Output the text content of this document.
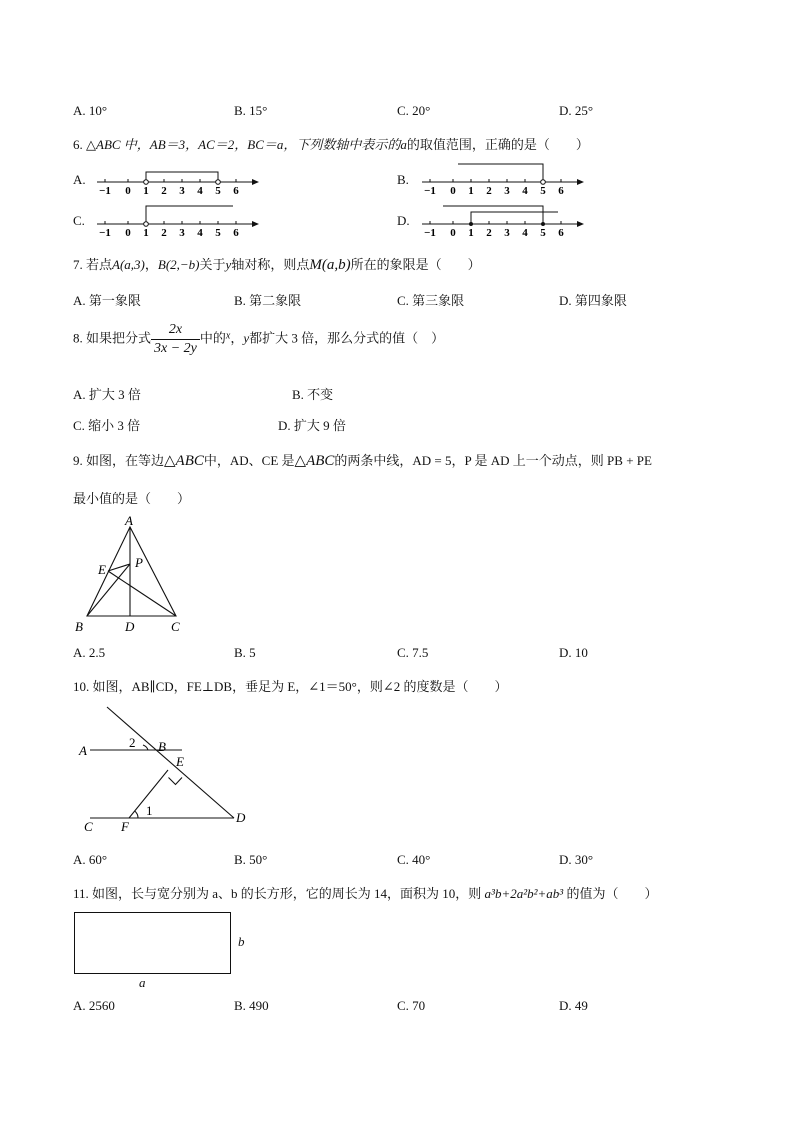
A. 10°	B. 15°	C. 20°	D. 25°
6. △ABC 中，AB＝3，AC＝2，BC＝a，下列数轴中表示的a的取值范围，正确的是（　　）
A.	B.
C.	D.
−1 0 1 2 3 4 5 6	−1 0 1 2 3 4 5 6
−1 0 1 2 3 4 5 6	−1 0 1 2 3 4 5 6
7. 若点A(a,3)，B(2,−b)关于y轴对称，则点M(a,b)所在的象限是（　　）
A. 第一象限	B. 第二象限	C. 第三象限	D. 第四象限
8. 如果把分式 $\frac{2x}{3x - 2y}$ 中的$^x$，y都扩大 3 倍，那么分式的值（　）
A. 扩大 3 倍	B. 不变
C. 缩小 3 倍	D. 扩大 9 倍
9. 如图，在等边△ABC中，AD、CE 是△ABC的两条中线，AD = 5，P 是 AD 上一个动点，则 PB + PE
最小值的是（　　）
A
E P
B	D	C
A. 2.5	B. 5	C. 7.5	D. 10
10. 如图，AB∥CD，FE⊥DB，垂足为 E，∠1＝50°，则∠2 的度数是（　　）
A
2 B
E
1
C F
D
A. 60°	B. 50°	C. 40°	D. 30°
11. 如图，长与宽分别为 a、b 的长方形，它的周长为 14，面积为 10，则 a³b+2a²b²+ab³ 的值为（　　）
b
a
A. 2560	B. 490	C. 70	D. 49
